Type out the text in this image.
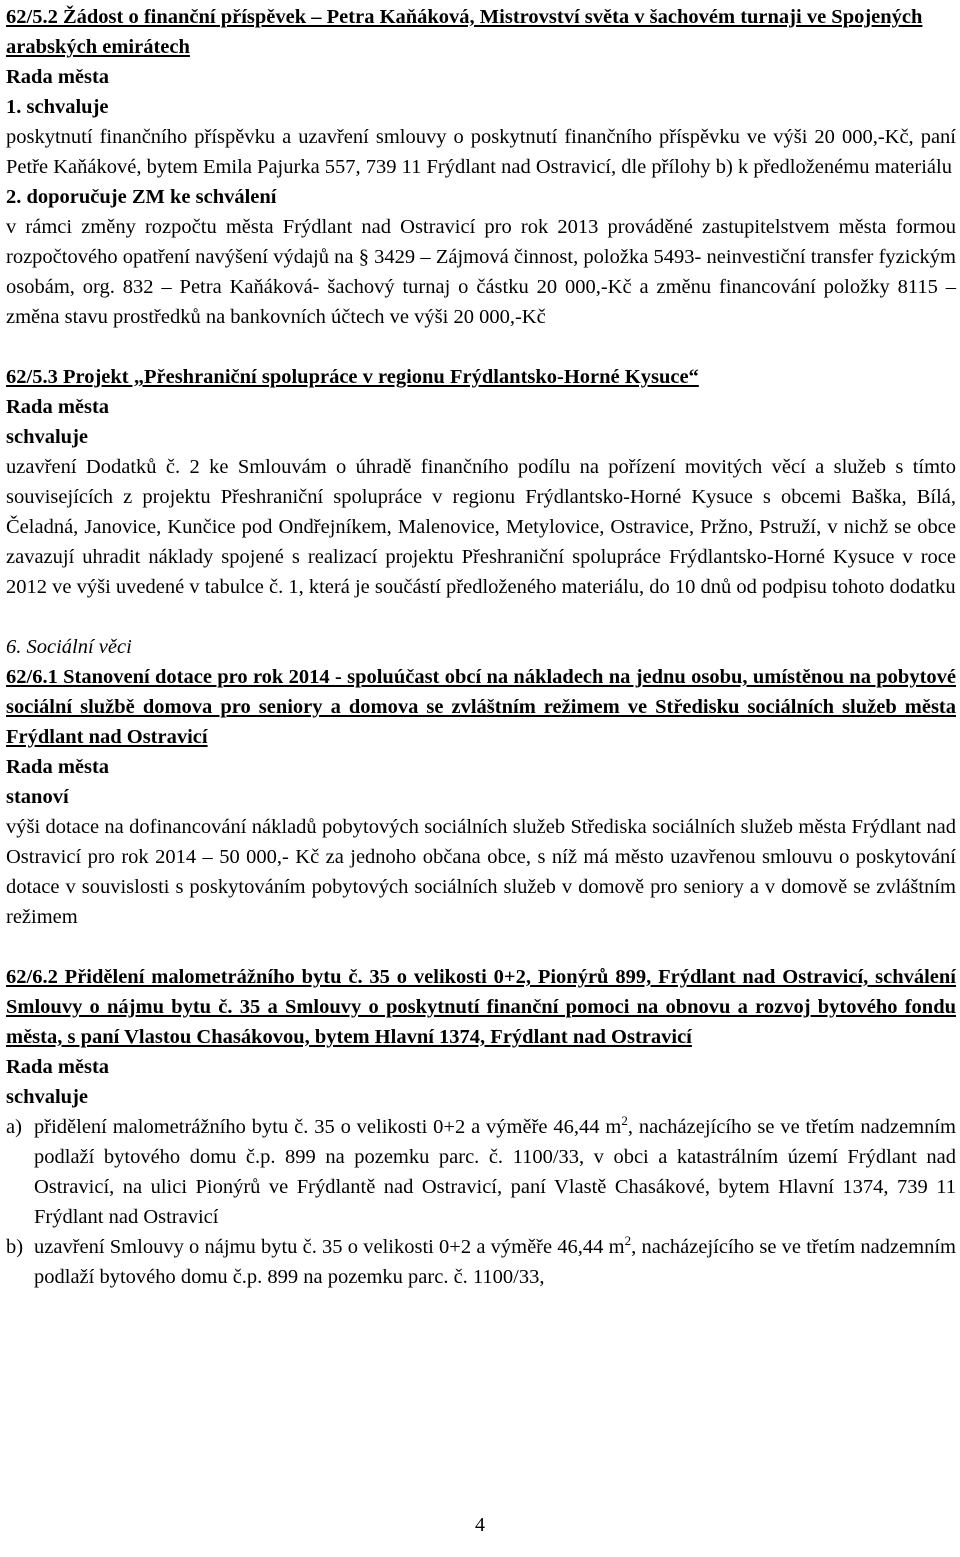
62/5.2 Žádost o finanční příspěvek – Petra Kaňáková, Mistrovství světa v šachovém turnaji ve Spojených arabských emirátech

Rada města

1. schvaluje

poskytnutí finančního příspěvku a uzavření smlouvy o poskytnutí finančního příspěvku ve výši 20 000,-Kč, paní Petře Kaňákové, bytem Emila Pajurka 557, 739 11 Frýdlant nad Ostravicí, dle přílohy b) k předloženému materiálu

2. doporučuje ZM ke schválení

v rámci změny rozpočtu města Frýdlant nad Ostravicí pro rok 2013 prováděné zastupitelstvem města formou rozpočtového opatření navýšení výdajů na § 3429 – Zájmová činnost, položka 5493- neinvestiční transfer fyzickým osobám, org. 832 – Petra Kaňáková- šachový turnaj o částku 20 000,-Kč a změnu financování položky 8115 – změna stavu prostředků na bankovních účtech ve výši 20 000,-Kč

62/5.3 Projekt „Přeshraniční spolupráce v regionu Frýdlantsko-Horné Kysuce“

Rada města

schvaluje

uzavření Dodatků č. 2 ke Smlouvám o úhradě finančního podílu na pořízení movitých věcí a služeb s tímto souvisejících z projektu Přeshraniční spolupráce v regionu Frýdlantsko-Horné Kysuce s obcemi Baška, Bílá, Čeladná, Janovice, Kunčice pod Ondřejníkem, Malenovice, Metylovice, Ostravice, Pržno, Pstruží, v nichž se obce zavazují uhradit náklady spojené s realizací projektu Přeshraniční spolupráce Frýdlantsko-Horné Kysuce v roce 2012 ve výši uvedené v tabulce č. 1, která je součástí předloženého materiálu, do 10 dnů od podpisu tohoto dodatku

6. Sociální věci

62/6.1 Stanovení dotace pro rok 2014 - spoluúčast obcí na nákladech na jednu osobu, umístěnou na pobytové sociální službě domova pro seniory a domova se zvláštním režimem ve Středisku sociálních služeb města Frýdlant nad Ostravicí

Rada města

stanoví

výši dotace na dofinancování nákladů pobytových sociálních služeb Střediska sociálních služeb města Frýdlant nad Ostravicí pro rok 2014 – 50 000,- Kč za jednoho občana obce, s níž má město uzavřenou smlouvu o poskytování dotace v souvislosti s poskytováním pobytových sociálních služeb v domově pro seniory a v domově se zvláštním režimem

62/6.2 Přidělení malometrážního bytu č. 35 o velikosti 0+2, Pionýrů 899, Frýdlant nad Ostravicí, schválení Smlouvy o nájmu bytu č. 35 a Smlouvy o poskytnutí finanční pomoci na obnovu a rozvoj bytového fondu města, s paní Vlastou Chasákovou, bytem Hlavní 1374, Frýdlant nad Ostravicí

Rada města

schvaluje

a) přidělení malometrážního bytu č. 35 o velikosti 0+2 a výměře 46,44 $m^2$, nacházejícího se ve třetím nadzemním podlaží bytového domu č.p. 899 na pozemku parc. č. 1100/33, v obci a katastrálním území Frýdlant nad Ostravicí, na ulici Pionýrů ve Frýdlantě nad Ostravicí, paní Vlastě Chasákové, bytem Hlavní 1374, 739 11 Frýdlant nad Ostravicí
b) uzavření Smlouvy o nájmu bytu č. 35 o velikosti 0+2 a výměře 46,44 $m^2$, nacházejícího se ve třetím nadzemním podlaží bytového domu č.p. 899 na pozemku parc. č. 1100/33,
4
